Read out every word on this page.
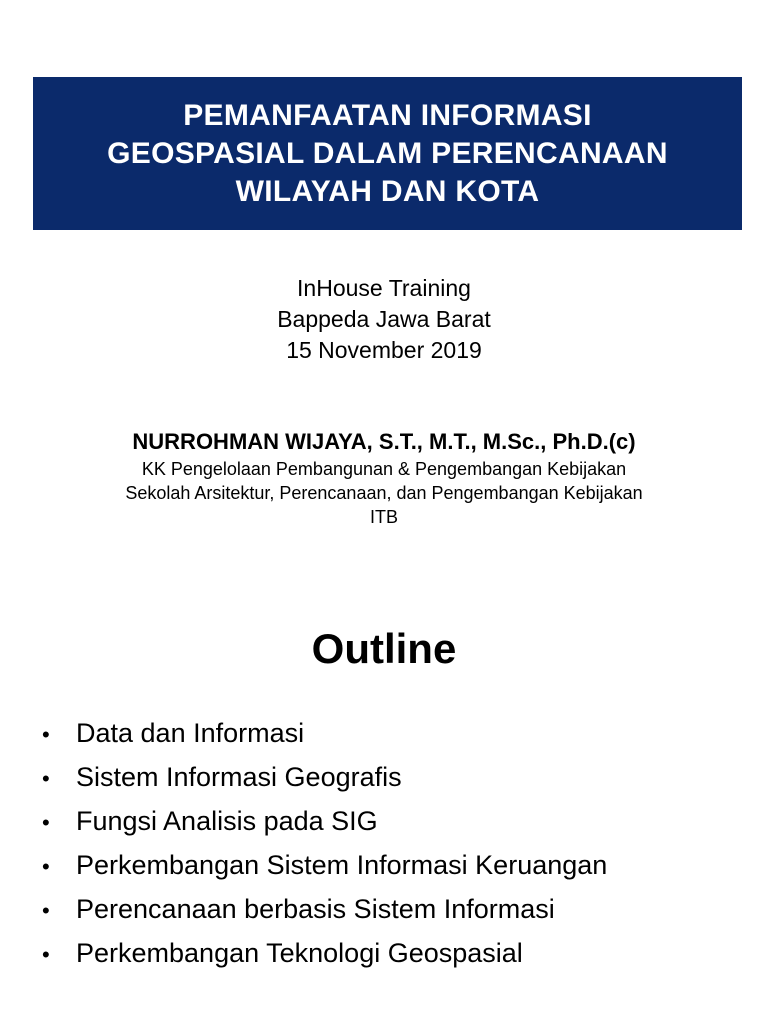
PEMANFAATAN INFORMASI
GEOSPASIAL DALAM PERENCANAAN
WILAYAH DAN KOTA
InHouse Training
Bappeda Jawa Barat
15 November 2019
NURROHMAN WIJAYA, S.T., M.T., M.Sc., Ph.D.(c)
KK Pengelolaan Pembangunan & Pengembangan Kebijakan
Sekolah Arsitektur, Perencanaan, dan Pengembangan Kebijakan
ITB
Outline
• Data dan Informasi
• Sistem Informasi Geografis
• Fungsi Analisis pada SIG
• Perkembangan Sistem Informasi Keruangan
• Perencanaan berbasis Sistem Informasi
• Perkembangan Teknologi Geospasial
